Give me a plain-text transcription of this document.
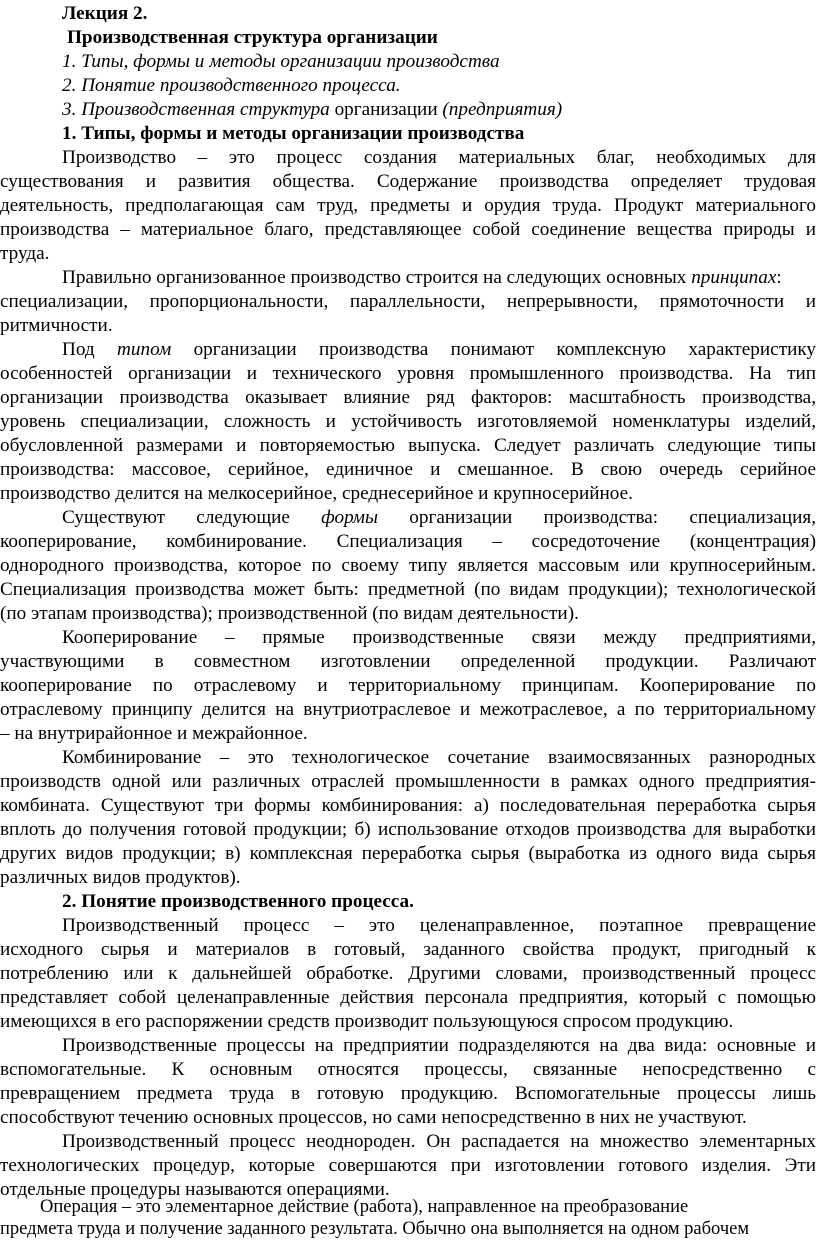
Лекция 2.
Производственная структура организации
1. Типы, формы и методы организации производства
2. Понятие производственного процесса.
3. Производственная структура организации (предприятия)
1. Типы, формы и методы организации производства
Производство – это процесс создания материальных благ, необходимых для
существования и развития общества. Содержание производства определяет трудовая
деятельность, предполагающая сам труд, предметы и орудия труда. Продукт материального
производства – материальное благо, представляющее собой соединение вещества природы и
труда.
Правильно организованное производство строится на следующих основных принципах:
специализации, пропорциональности, параллельности, непрерывности, прямоточности и
ритмичности.
Под типом организации производства понимают комплексную характеристику
особенностей организации и технического уровня промышленного производства. На тип
организации производства оказывает влияние ряд факторов: масштабность производства,
уровень специализации, сложность и устойчивость изготовляемой номенклатуры изделий,
обусловленной размерами и повторяемостью выпуска. Следует различать следующие типы
производства: массовое, серийное, единичное и смешанное. В свою очередь серийное
производство делится на мелкосерийное, среднесерийное и крупносерийное.
Существуют следующие формы организации производства: специализация,
кооперирование, комбинирование. Специализация – сосредоточение (концентрация)
однородного производства, которое по своему типу является массовым или крупносерийным.
Специализация производства может быть: предметной (по видам продукции); технологической
(по этапам производства); производственной (по видам деятельности).
Кооперирование – прямые производственные связи между предприятиями,
участвующими в совместном изготовлении определенной продукции. Различают
кооперирование по отраслевому и территориальному принципам. Кооперирование по
отраслевому принципу делится на внутриотраслевое и межотраслевое, а по территориальному
– на внутрирайонное и межрайонное.
Комбинирование – это технологическое сочетание взаимосвязанных разнородных
производств одной или различных отраслей промышленности в рамках одного предприятия-
комбината. Существуют три формы комбинирования: а) последовательная переработка сырья
вплоть до получения готовой продукции; б) использование отходов производства для выработки
других видов продукции; в) комплексная переработка сырья (выработка из одного вида сырья
различных видов продуктов).
2. Понятие производственного процесса.
Производственный процесс – это целенаправленное, поэтапное превращение
исходного сырья и материалов в готовый, заданного свойства продукт, пригодный к
потреблению или к дальнейшей обработке. Другими словами, производственный процесс
представляет собой целенаправленные действия персонала предприятия, который с помощью
имеющихся в его распоряжении средств производит пользующуюся спросом продукцию.
Производственные процессы на предприятии подразделяются на два вида: основные и
вспомогательные. К основным относятся процессы, связанные непосредственно с
превращением предмета труда в готовую продукцию. Вспомогательные процессы лишь
способствуют течению основных процессов, но сами непосредственно в них не участвуют.
Производственный процесс неоднороден. Он распадается на множество элементарных
технологических процедур, которые совершаются при изготовлении готового изделия. Эти
отдельные процедуры называются операциями.
Операция – это элементарное действие (работа), направленное на преобразование
предмета труда и получение заданного результата. Обычно она выполняется на одном рабочем
